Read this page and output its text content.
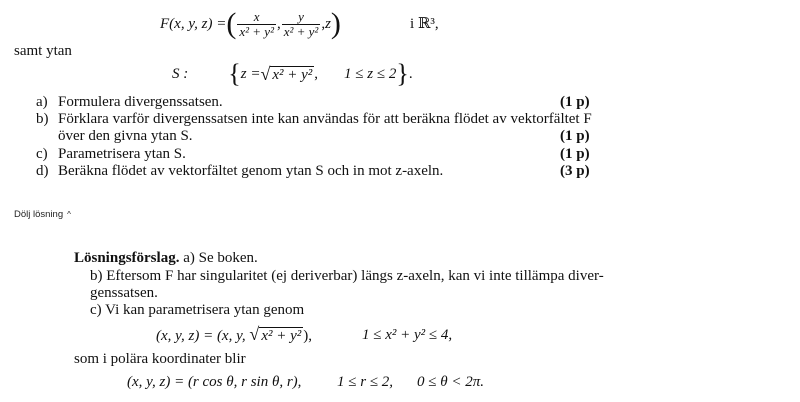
F(x, y, z) = ( $\frac{x}{\text{x² + y²}}$ , $\frac{y}{\text{x² + y²}}$ , z )	i ℝ³,
samt ytan
S : { z = √ x² + y² , 1 ≤ z ≤ 2 } .
a) Formulera divergenssatsen.	(1 p)
b) Förklara varför divergenssatsen inte kan användas för att beräkna flödet av vektorfältet F
över den givna ytan S.	(1 p)
c) Parametrisera ytan S.	(1 p)
d) Beräkna flödet av vektorfältet genom ytan S och in mot z-axeln.	(3 p)
Dölj lösning ^
Lösningsförslag. a) Se boken.
b) Eftersom F har singularitet (ej deriverbar) längs z-axeln, kan vi inte tillämpa diver-
genssatsen.
c) Vi kan parametrisera ytan genom
(x, y, z) = (x, y, √ x² + y² ),	1 ≤ x² + y² ≤ 4,
som i polära koordinater blir
(x, y, z) = (r cos θ, r sin θ, r), 1 ≤ r ≤ 2, 0 ≤ θ < 2π.
